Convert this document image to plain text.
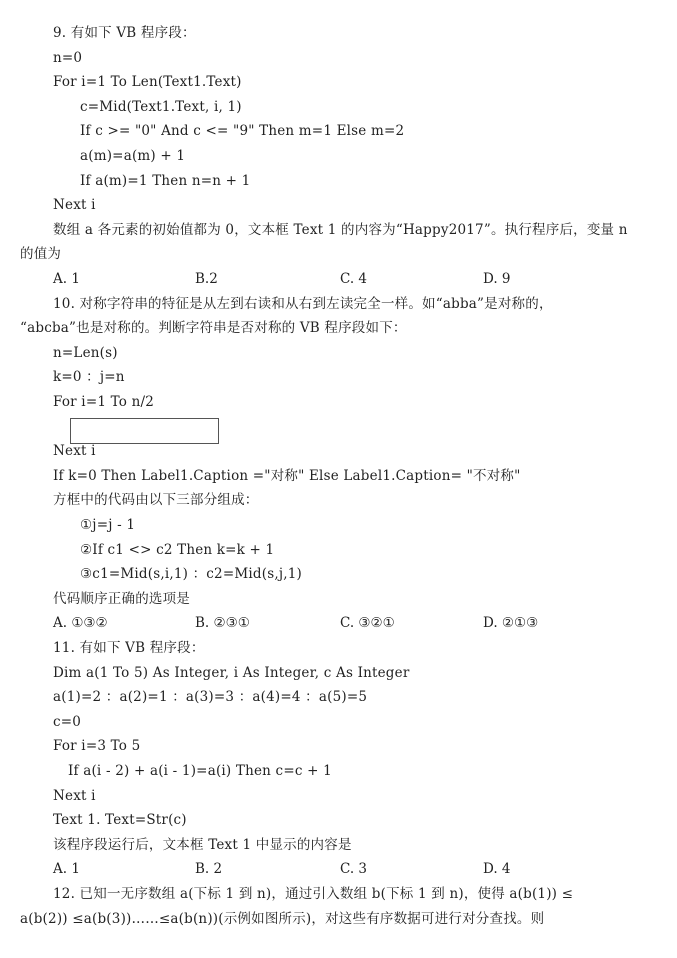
9. 有如下 VB 程序段：
n=0
For i=1 To Len(Text1.Text)
c=Mid(Text1.Text, i, 1)
If c >= "0" And c <= "9" Then m=1 Else m=2
a(m)=a(m) + 1
If a(m)=1 Then n=n + 1
Next i
数组 a 各元素的初始值都为 0，文本框 Text 1 的内容为“Happy2017”。执行程序后，变量 n
的值为
A. 1	B.2	C. 4	D. 9
10. 对称字符串的特征是从左到右读和从右到左读完全一样。如“abba”是对称的，
“abcba”也是对称的。判断字符串是否对称的 VB 程序段如下：
n=Len(s)
k=0 ：j=n
For i=1 To n/2
Next i
If k=0 Then Label1.Caption ="对称" Else Label1.Caption= "不对称"
方框中的代码由以下三部分组成：
①j=j - 1
②If c1 <> c2 Then k=k + 1
③c1=Mid(s,i,1) ：c2=Mid(s,j,1)
代码顺序正确的选项是
A. ①③②	B. ②③①	C. ③②①	D. ②①③
11. 有如下 VB 程序段：
Dim a(1 To 5) As Integer, i As Integer, c As Integer
a(1)=2 ：a(2)=1 ：a(3)=3 ：a(4)=4 ：a(5)=5
c=0
For i=3 To 5
If a(i - 2) + a(i - 1)=a(i) Then c=c + 1
Next i
Text 1. Text=Str(c)
该程序段运行后，文本框 Text 1 中显示的内容是
A. 1	B. 2	C. 3	D. 4
12. 已知一无序数组 a(下标 1 到 n)，通过引入数组 b(下标 1 到 n)，使得 a(b(1)) ≤
a(b(2)) ≤a(b(3))……≤a(b(n))(示例如图所示)，对这些有序数据可进行对分查找。则
